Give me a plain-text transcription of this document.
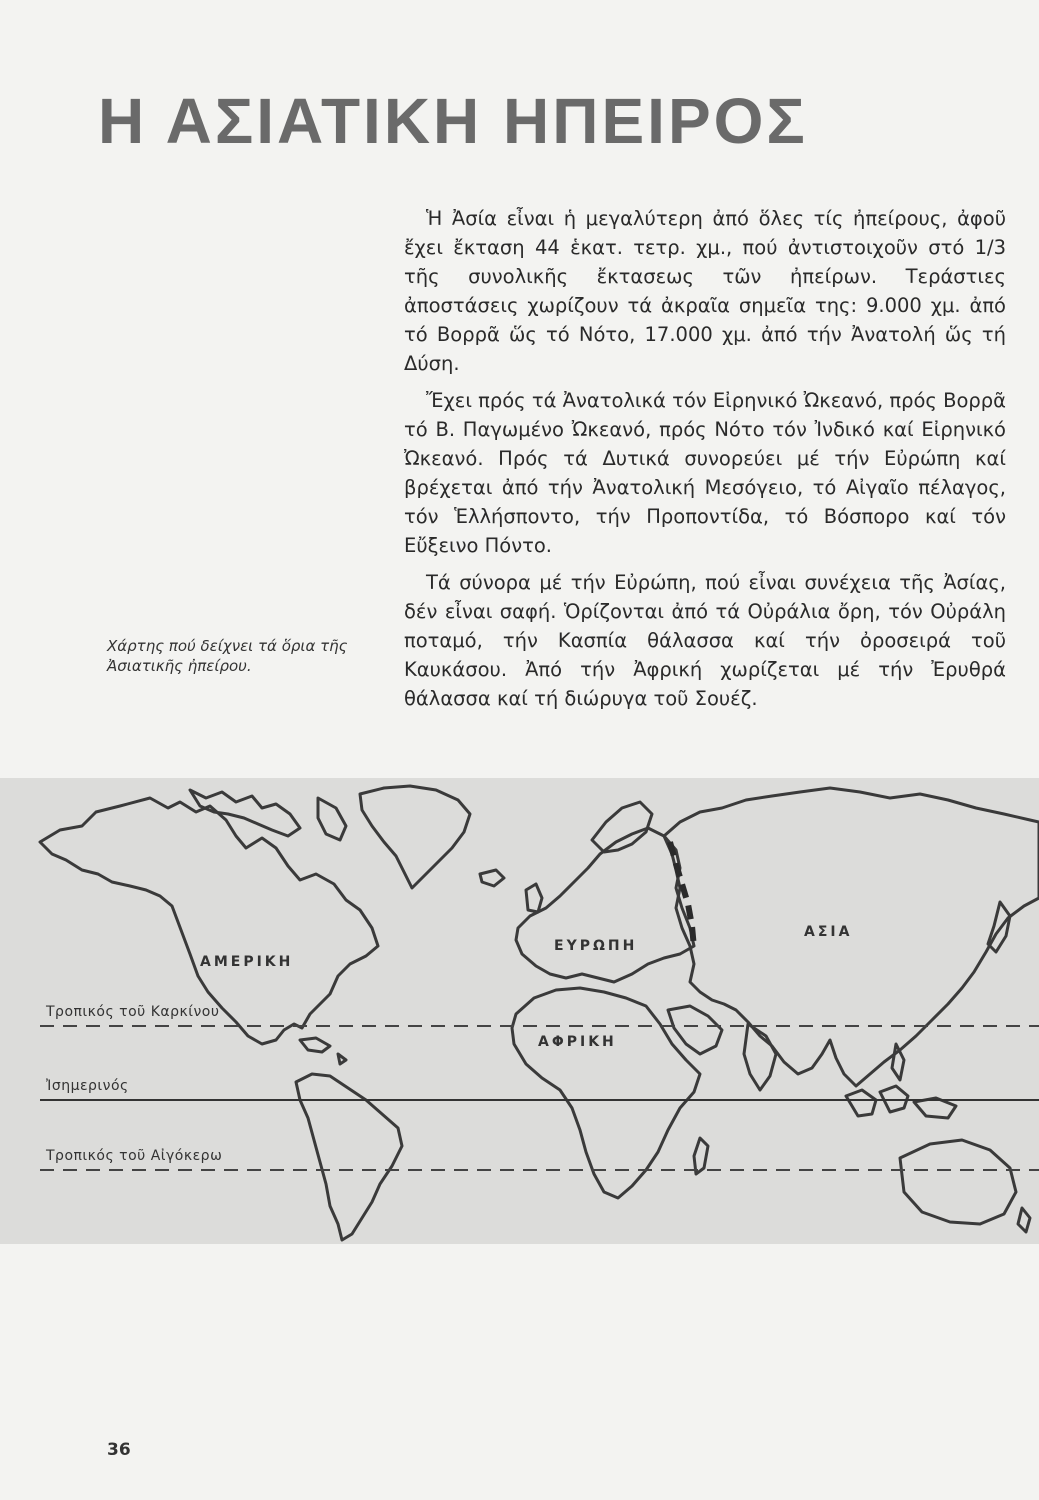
Η ΑΣΙΑΤΙΚΗ ΗΠΕΙΡΟΣ

Ἡ Ἀσία εἶναι ἡ μεγαλύτερη ἀπό ὅλες τίς ἠπείρους, ἀφοῦ ἔχει ἔκταση 44 ἑκατ. τετρ. χμ., πού ἀντιστοιχοῦν στό 1/3 τῆς συνολικῆς ἔκτασεως τῶν ἠπείρων. Τεράστιες ἀποστάσεις χωρίζουν τά ἀκραῖα σημεῖα της: 9.000 χμ. ἀπό τό Βορρᾶ ὥς τό Νότο, 17.000 χμ. ἀπό τήν Ἀνατολή ὥς τή Δύση.

Ἔχει πρός τά Ἀνατολικά τόν Εἰρηνικό Ὠκεανό, πρός Βορρᾶ τό Β. Παγωμένο Ὠκεανό, πρός Νότο τόν Ἰνδικό καί Εἰρηνικό Ὠκεανό. Πρός τά Δυτικά συνορεύει μέ τήν Εὐρώπη καί βρέχεται ἀπό τήν Ἀνατολική Μεσόγειο, τό Αἰγαῖο πέλαγος, τόν Ἑλλήσποντο, τήν Προποντίδα, τό Βόσπορο καί τόν Εὔξεινο Πόντο.

Τά σύνορα μέ τήν Εὐρώπη, πού εἶναι συνέχεια τῆς Ἀσίας, δέν εἶναι σαφή. Ὁρίζονται ἀπό τά Οὐράλια ὄρη, τόν Οὐράλη ποταμό, τήν Κασπία θάλασσα καί τήν ὀροσειρά τοῦ Καυκάσου. Ἀπό τήν Ἀφρική χωρίζεται μέ τήν Ἐρυθρά θάλασσα καί τή διώρυγα τοῦ Σουέζ.

Χάρτης πού δείχνει τά ὅρια τῆς Ἀσιατικῆς ἠπείρου.
ΑΜΕΡΙΚΗ
ΕΥΡΩΠΗ
ΑΣΙΑ
ΑΦΡΙΚΗ
Τροπικός τοῦ Καρκίνου
Ἰσημερινός
Τροπικός τοῦ Αἰγόκερω
36
